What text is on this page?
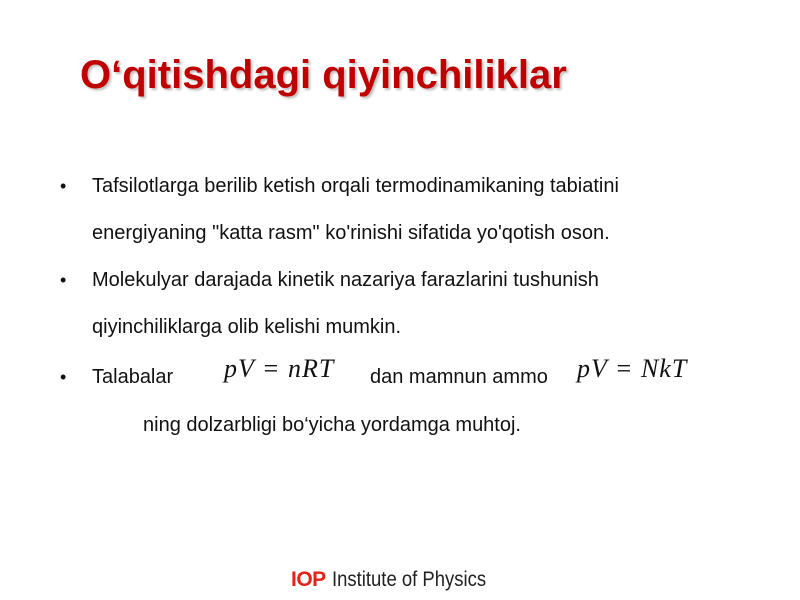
O‘qitishdagi qiyinchiliklar
• Tafsilotlarga berilib ketish orqali termodinamikaning tabiatini
energiyaning "katta rasm" ko'rinishi sifatida yo'qotish oson.
• Molekulyar darajada kinetik nazariya farazlarini tushunish
qiyinchiliklarga olib kelishi mumkin.
• Talabalar pV = nRT dan mamnun ammo pV = NkT
ning dolzarbligi bo‘yicha yordamga muhtoj.
IOP Institute of Physics
